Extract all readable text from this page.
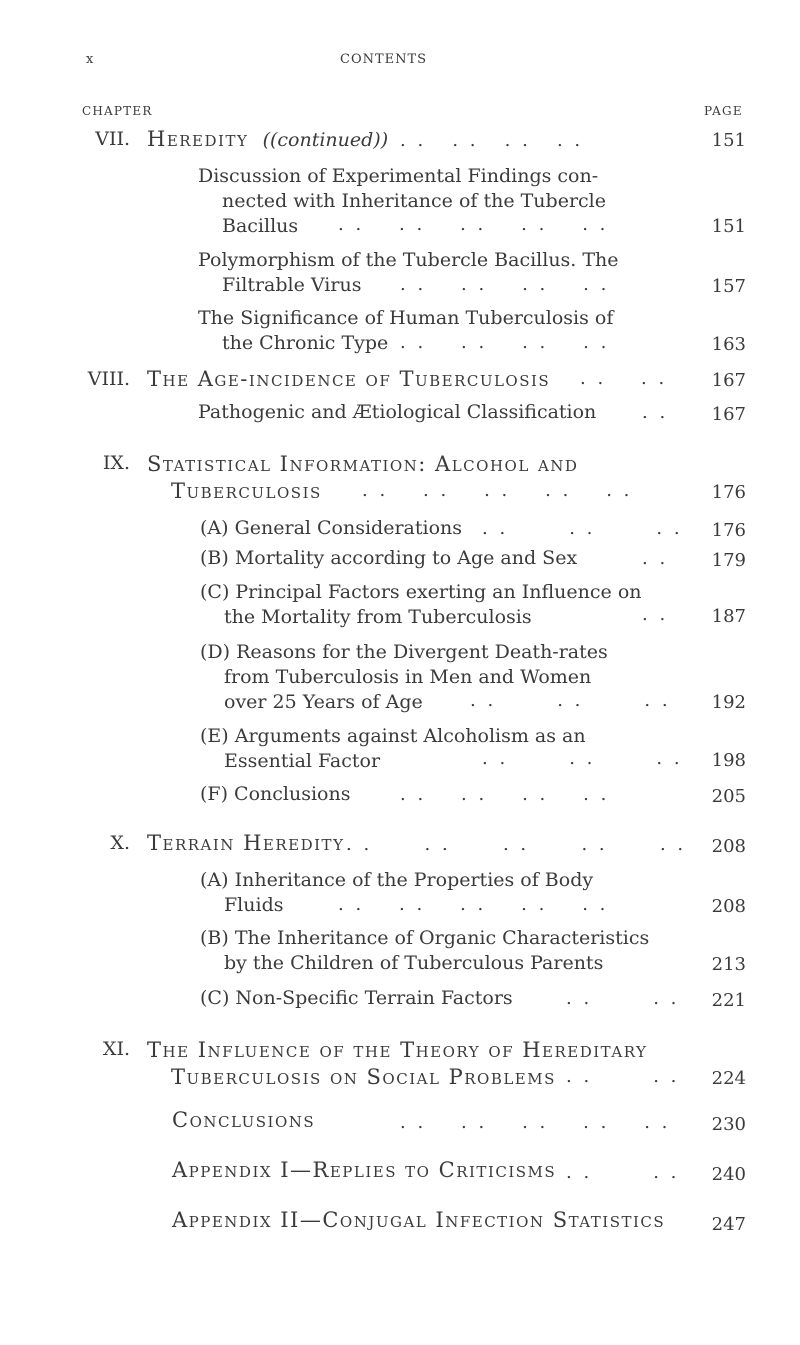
x	CONTENTS
CHAPTER	PAGE
VII. Heredity ((continued)) . .   . .   . .   . .	151
Discussion of Experimental Findings con-
nected with Inheritance of the Tubercle
Bacillus	. .    . .    . .    . .    . .	151
Polymorphism of the Tubercle Bacillus. The
Filtrable Virus	. .    . .    . .    . .	157
The Significance of Human Tuberculosis of
the Chronic Type . .    . .    . .    . .	163
VIII. The Age-incidence of Tuberculosis . .    . .	167
Pathogenic and Ætiological Classification	. .	167
IX. Statistical Information: Alcohol and
Tuberculosis	. .    . .    . .    . .    . .	176
(A) General Considerations . .       . .       . .	176
(B) Mortality according to Age and Sex	. .	179
(C) Principal Factors exerting an Influence on
the Mortality from Tuberculosis	. .	187
(D) Reasons for the Divergent Death-rates
from Tuberculosis in Men and Women
over 25 Years of Age	. .       . .       . .	192
(E) Arguments against Alcoholism as an
Essential Factor	. .       . .       . .	198
(F) Conclusions	. .    . .    . .    . .	205
X. Terrain Heredity . .      . .      . .      . .      . .	208
(A) Inheritance of the Properties of Body
Fluids	. .    . .    . .    . .    . .	208
(B) The Inheritance of Organic Characteristics
by the Children of Tuberculous Parents	213
(C) Non-Specific Terrain Factors	. .       . .	221
XI. The Influence of the Theory of Hereditary
Tuberculosis on Social Problems . .       . .	224
Conclusions	. .    . .    . .    . .    . .	230
Appendix I—Replies to Criticisms . .       . .	240
Appendix II—Conjugal Infection Statistics	247
